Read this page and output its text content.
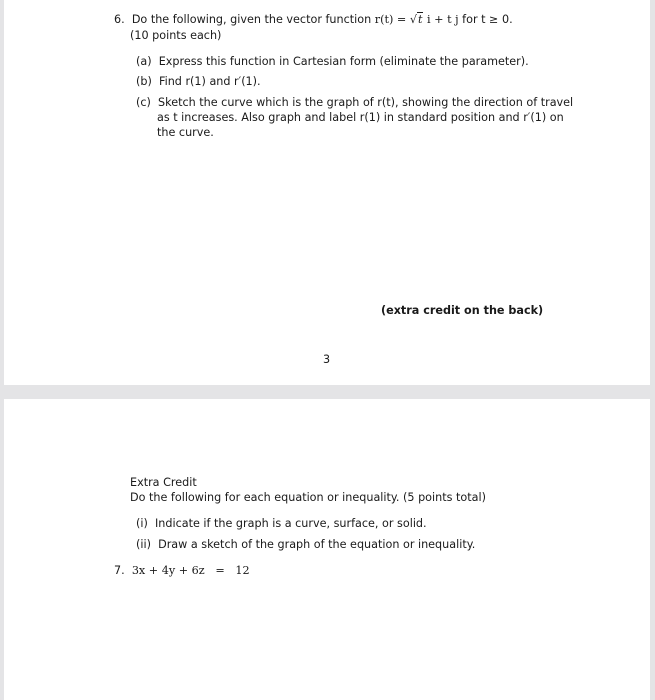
6. Do the following, given the vector function r(t) = √t i + t j for t ≥ 0.
(10 points each)
(a) Express this function in Cartesian form (eliminate the parameter).
(b) Find r(1) and r′(1).
(c) Sketch the curve which is the graph of r(t), showing the direction of travel
as t increases. Also graph and label r(1) in standard position and r′(1) on
the curve.
(extra credit on the back)
3
Extra Credit
Do the following for each equation or inequality. (5 points total)
(i) Indicate if the graph is a curve, surface, or solid.
(ii) Draw a sketch of the graph of the equation or inequality.
7. 3x + 4y + 6z = 12
